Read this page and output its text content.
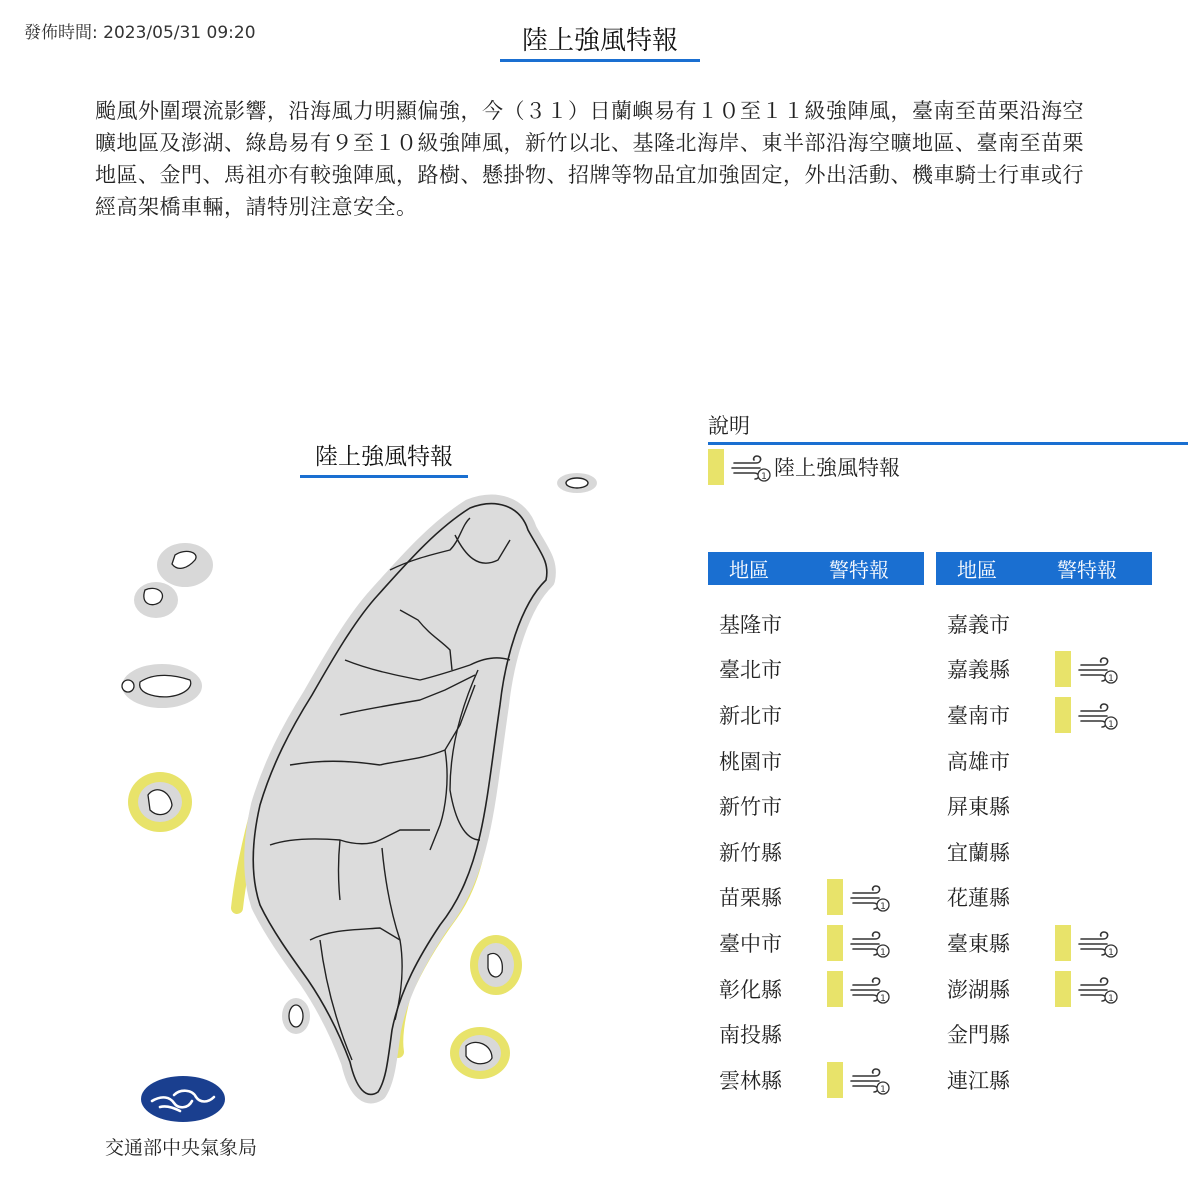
發佈時間: 2023/05/31 09:20	陸上強風特報
颱風外圍環流影響，沿海風力明顯偏強，今（３１）日蘭嶼易有１０至１１級強陣風，臺南至苗栗沿海空曠地區及澎湖、綠島易有９至１０級強陣風，新竹以北、基隆北海岸、東半部沿海空曠地區、臺南至苗栗地區、金門、馬祖亦有較強陣風，路樹、懸掛物、招牌等物品宜加強固定，外出活動、機車騎士行車或行經高架橋車輛，請特別注意安全。
陸上強風特報
說明
1 陸上強風特報
地區	警特報	地區	警特報
基隆市
臺北市
新北市
桃園市
新竹市
新竹縣
苗栗縣	1
臺中市	1
彰化縣	1
南投縣
雲林縣	1
嘉義市
嘉義縣	1
臺南市	1
高雄市
屏東縣
宜蘭縣
花蓮縣
臺東縣	1
澎湖縣	1
金門縣
連江縣
交通部中央氣象局
